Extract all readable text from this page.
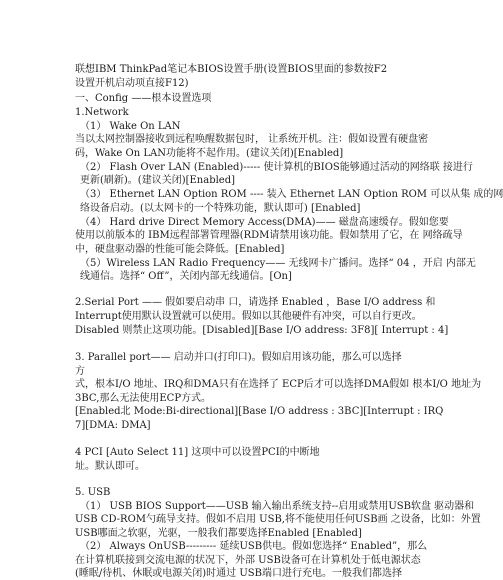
联想IBM ThinkPad笔记本BIOS设置手册(设置BIOS里面的参数按F2
设置开机启动项直接F12)
一、Config ——根本设置选项
1.Network
（1） Wake On LAN
当以太网控制器接收到远程唤醒数据包时， 让系统开机。注：假如设置有硬盘密
码，Wake On LAN功能将不起作用。(建议关闭)[Enabled]
（2） Flash Over LAN (Enabled)----- 使计算机的BIOS能够通过活动的网络联 接进行
更新(刷新)。(建议关闭)[Enabled]
（3） Ethernet LAN Option ROM ---- 装入 Ethernet LAN Option ROM 可以从集 成的网
络设备启动。(以太网卡的一个特殊功能，默认即可) [Enabled]
（4） Hard drive Direct Memory Access(DMA)—— 磁盘高速缓存。假如您要
使用以前版本的 IBM远程部署管理器(RDM请禁用该功能。假如禁用了它，在 网络疏导
中，硬盘驱动器的性能可能会降低。[Enabled]
（5）Wireless LAN Radio Frequency—— 无线网卡广播问。选择“ 04 ，开启 内部无
线通信。选择“ Off”，关闭内部无线通信。[On]
2.Serial Port —— 假如要启动串 口，请选择 Enabled ，Base I/O address 和
Interrupt使用默认设置就可以使用。假如以其他硬件有冲突，可以自行更改。
Disabled 则禁止这项功能。[Disabled][Base I/O address: 3F8][ Interrupt : 4]
3. Parallel port—— 启动并口(打印口)。假如启用该功能，那么可以选择
方
式，根本I/O 地址、IRQ和DMA只有在选择了 ECP后才可以选择DMA假如 根本I/O 地址为
3BC,那么无法使用ECP方式。
[Enabled北 Mode:Bi-directional][Base I/O address : 3BC][Interrupt : IRQ
7][DMA: DMA]
4 PCI [Auto Select 11] 这项中可以设置PCI的中断地
址。默认即可。
5. USB
（1） USB BIOS Support——USB 输入输出系统支持--启用或禁用USB软盘 驱动器和
USB CD-ROM勺疏导支持。假如不启用 USB,将不能使用任何USB画 之设备，比如：外置
USB哪面之软驱，光驱，一般我们都要选择Enabled [Enabled]
（2） Always OnUSB--------- 延续USB供电。假如您选择“ Enabled”，那么
在计算机联接到交流电源的状况下，外部 USB设备可在计算机处于低电源状态
(睡眠/待机、休眠或电源关闭)时通过 USB端口进行充电。一般我们都选择
